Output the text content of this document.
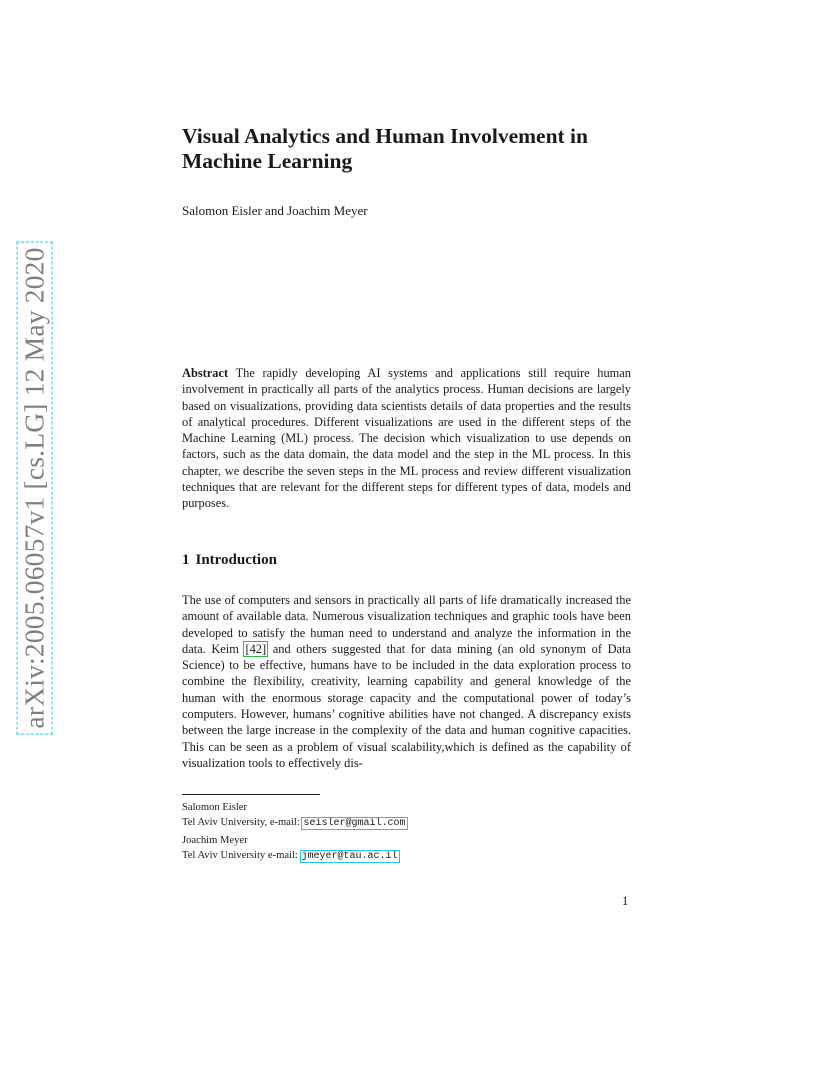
arXiv:2005.06057v1 [cs.LG] 12 May 2020
Visual Analytics and Human Involvement in Machine Learning

Salomon Eisler and Joachim Meyer

Abstract The rapidly developing AI systems and applications still require human involvement in practically all parts of the analytics process. Human decisions are largely based on visualizations, providing data scientists details of data properties and the results of analytical procedures. Different visualizations are used in the different steps of the Machine Learning (ML) process. The decision which visualization to use depends on factors, such as the data domain, the data model and the step in the ML process. In this chapter, we describe the seven steps in the ML process and review different visualization techniques that are relevant for the different steps for different types of data, models and purposes.

1 Introduction

The use of computers and sensors in practically all parts of life dramatically increased the amount of available data. Numerous visualization techniques and graphic tools have been developed to satisfy the human need to understand and analyze the information in the data. Keim [42] and others suggested that for data mining (an old synonym of Data Science) to be effective, humans have to be included in the data exploration process to combine the flexibility, creativity, learning capability and general knowledge of the human with the enormous storage capacity and the computational power of today’s computers. However, humans’ cognitive abilities have not changed. A discrepancy exists between the large increase in the complexity of the data and human cognitive capacities. This can be seen as a problem of visual scalability,which is defined as the capability of visualization tools to effectively dis-

Salomon Eisler
Tel Aviv University, e-mail: seisler@gmail.com
Joachim Meyer
Tel Aviv University e-mail: jmeyer@tau.ac.il

1
